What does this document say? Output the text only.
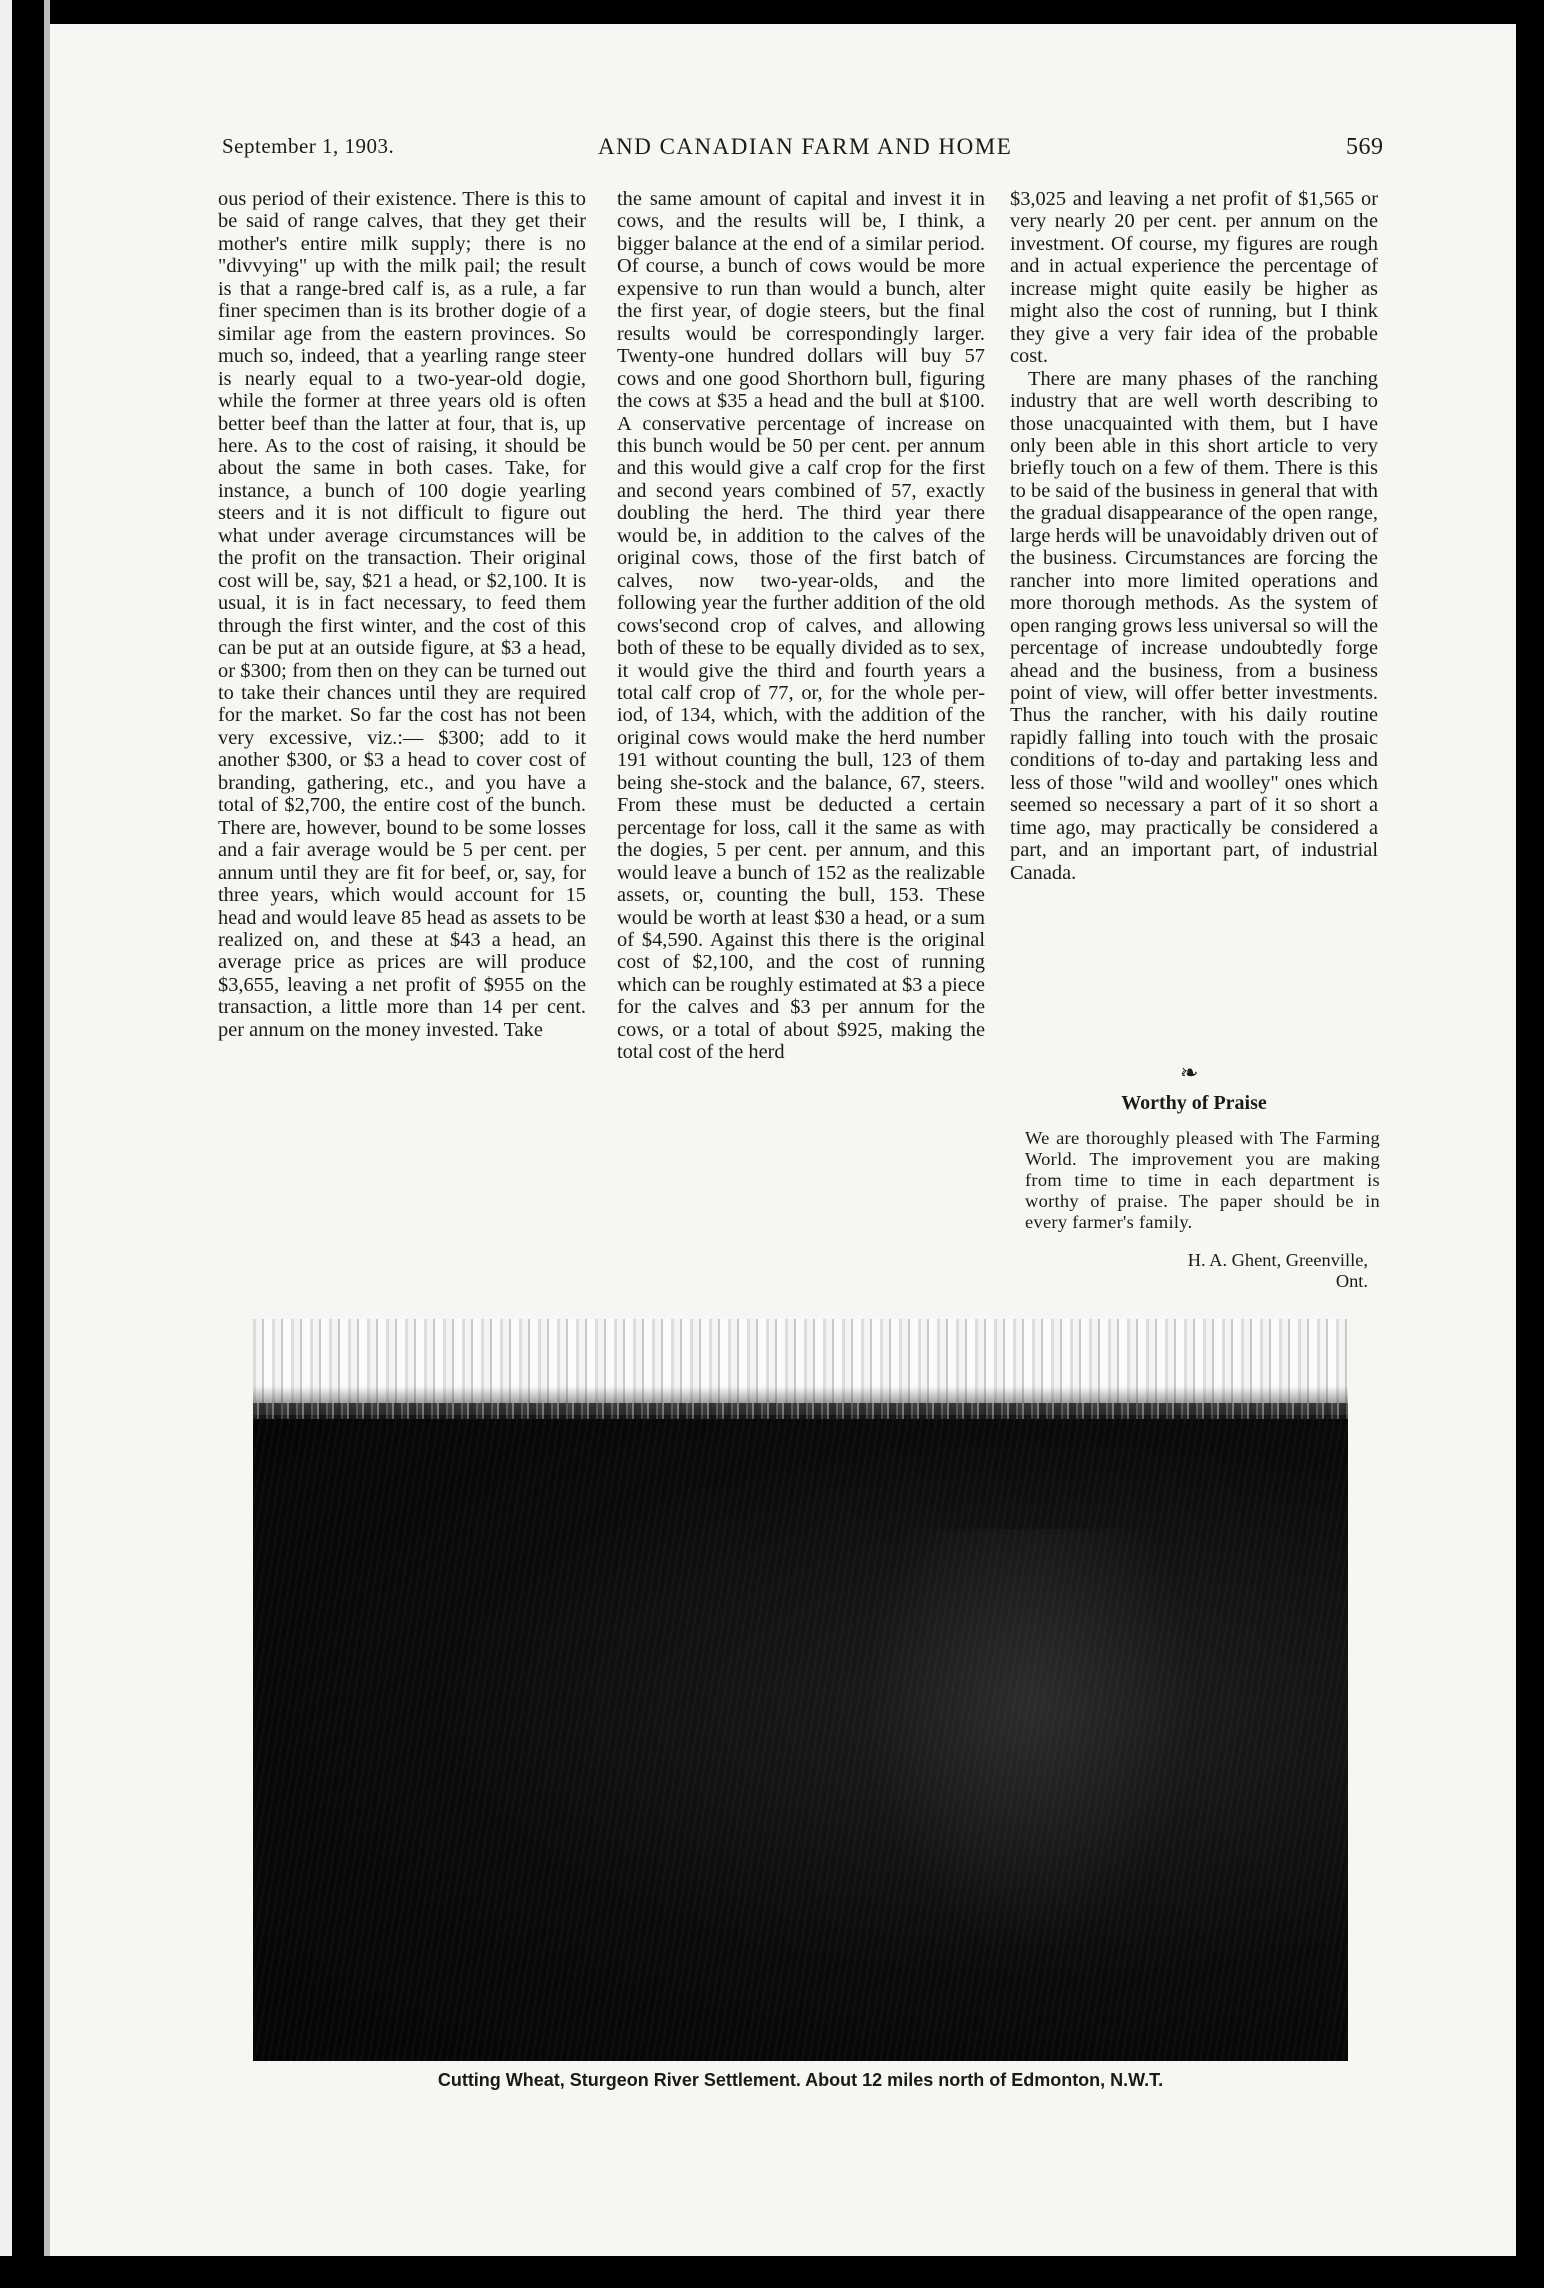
September 1, 1903.	AND CANADIAN FARM AND HOME	569

ous period of their existence. There is this to be said of range calves, that they get their mother's entire milk supply; there is no "divvying" up with the milk pail; the result is that a range-bred calf is, as a rule, a far finer specimen than is its brother dogie of a similar age from the eastern provinces. So much so, indeed, that a yearling range steer is nearly equal to a two-year-old dogie, while the former at three years old is often better beef than the latter at four, that is, up here. As to the cost of raising, it should be about the same in both cases. Take, for instance, a bunch of 100 dogie yearling steers and it is not difficult to figure out what under average circumstances will be the profit on the transaction. Their original cost will be, say, $21 a head, or $2,100. It is usual, it is in fact necessary, to feed them through the first winter, and the cost of this can be put at an outside figure, at $3 a head, or $300; from then on they can be turned out to take their chances until they are required for the market. So far the cost has not been very excessive, viz.:— $300; add to it another $300, or $3 a head to cover cost of branding, gathering, etc., and you have a total of $2,700, the entire cost of the bunch. There are, however, bound to be some losses and a fair average would be 5 per cent. per annum until they are fit for beef, or, say, for three years, which would account for 15 head and would leave 85 head as assets to be realized on, and these at $43 a head, an average price as prices are will produce $3,655, leaving a net profit of $955 on the transaction, a little more than 14 per cent. per annum on the money invested. Take

the same amount of capital and invest it in cows, and the results will be, I think, a bigger balance at the end of a similar period. Of course, a bunch of cows would be more expensive to run than would a bunch, alter the first year, of dogie steers, but the final results would be correspondingly larger. Twenty-one hundred dollars will buy 57 cows and one good Shorthorn bull, figuring the cows at $35 a head and the bull at $100. A conservative percentage of increase on this bunch would be 50 per cent. per annum and this would give a calf crop for the first and second years combined of 57, exactly doubling the herd. The third year there would be, in addition to the calves of the original cows, those of the first batch of calves, now two-year-olds, and the following year the further addition of the old cows'second crop of calves, and allowing both of these to be equally divided as to sex, it would give the third and fourth years a total calf crop of 77, or, for the whole period, of 134, which, with the addition of the original cows would make the herd number 191 without counting the bull, 123 of them being she-stock and the balance, 67, steers. From these must be deducted a certain percentage for loss, call it the same as with the dogies, 5 per cent. per annum, and this would leave a bunch of 152 as the realizable assets, or, counting the bull, 153. These would be worth at least $30 a head, or a sum of $4,590. Against this there is the original cost of $2,100, and the cost of running which can be roughly estimated at $3 a piece for the calves and $3 per annum for the cows, or a total of about $925, making the total cost of the herd

$3,025 and leaving a net profit of $1,565 or very nearly 20 per cent. per annum on the investment. Of course, my figures are rough and in actual experience the percentage of increase might quite easily be higher as might also the cost of running, but I think they give a very fair idea of the probable cost.

There are many phases of the ranching industry that are well worth describing to those unacquainted with them, but I have only been able in this short article to very briefly touch on a few of them. There is this to be said of the business in general that with the gradual disappearance of the open range, large herds will be unavoidably driven out of the business. Circumstances are forcing the rancher into more limited operations and more thorough methods. As the system of open ranging grows less universal so will the percentage of increase undoubtedly forge ahead and the business, from a business point of view, will offer better investments. Thus the rancher, with his daily routine rapidly falling into touch with the prosaic conditions of to-day and partaking less and less of those "wild and woolley" ones which seemed so necessary a part of it so short a time ago, may practically be considered a part, and an important part, of industrial Canada.

❧
Worthy of Praise
We are thoroughly pleased with The Farming World. The improvement you are making from time to time in each department is worthy of praise. The paper should be in every farmer's family.
H. A. Ghent, Greenville,
Ont.
Cutting Wheat, Sturgeon River Settlement. About 12 miles north of Edmonton, N.W.T.
